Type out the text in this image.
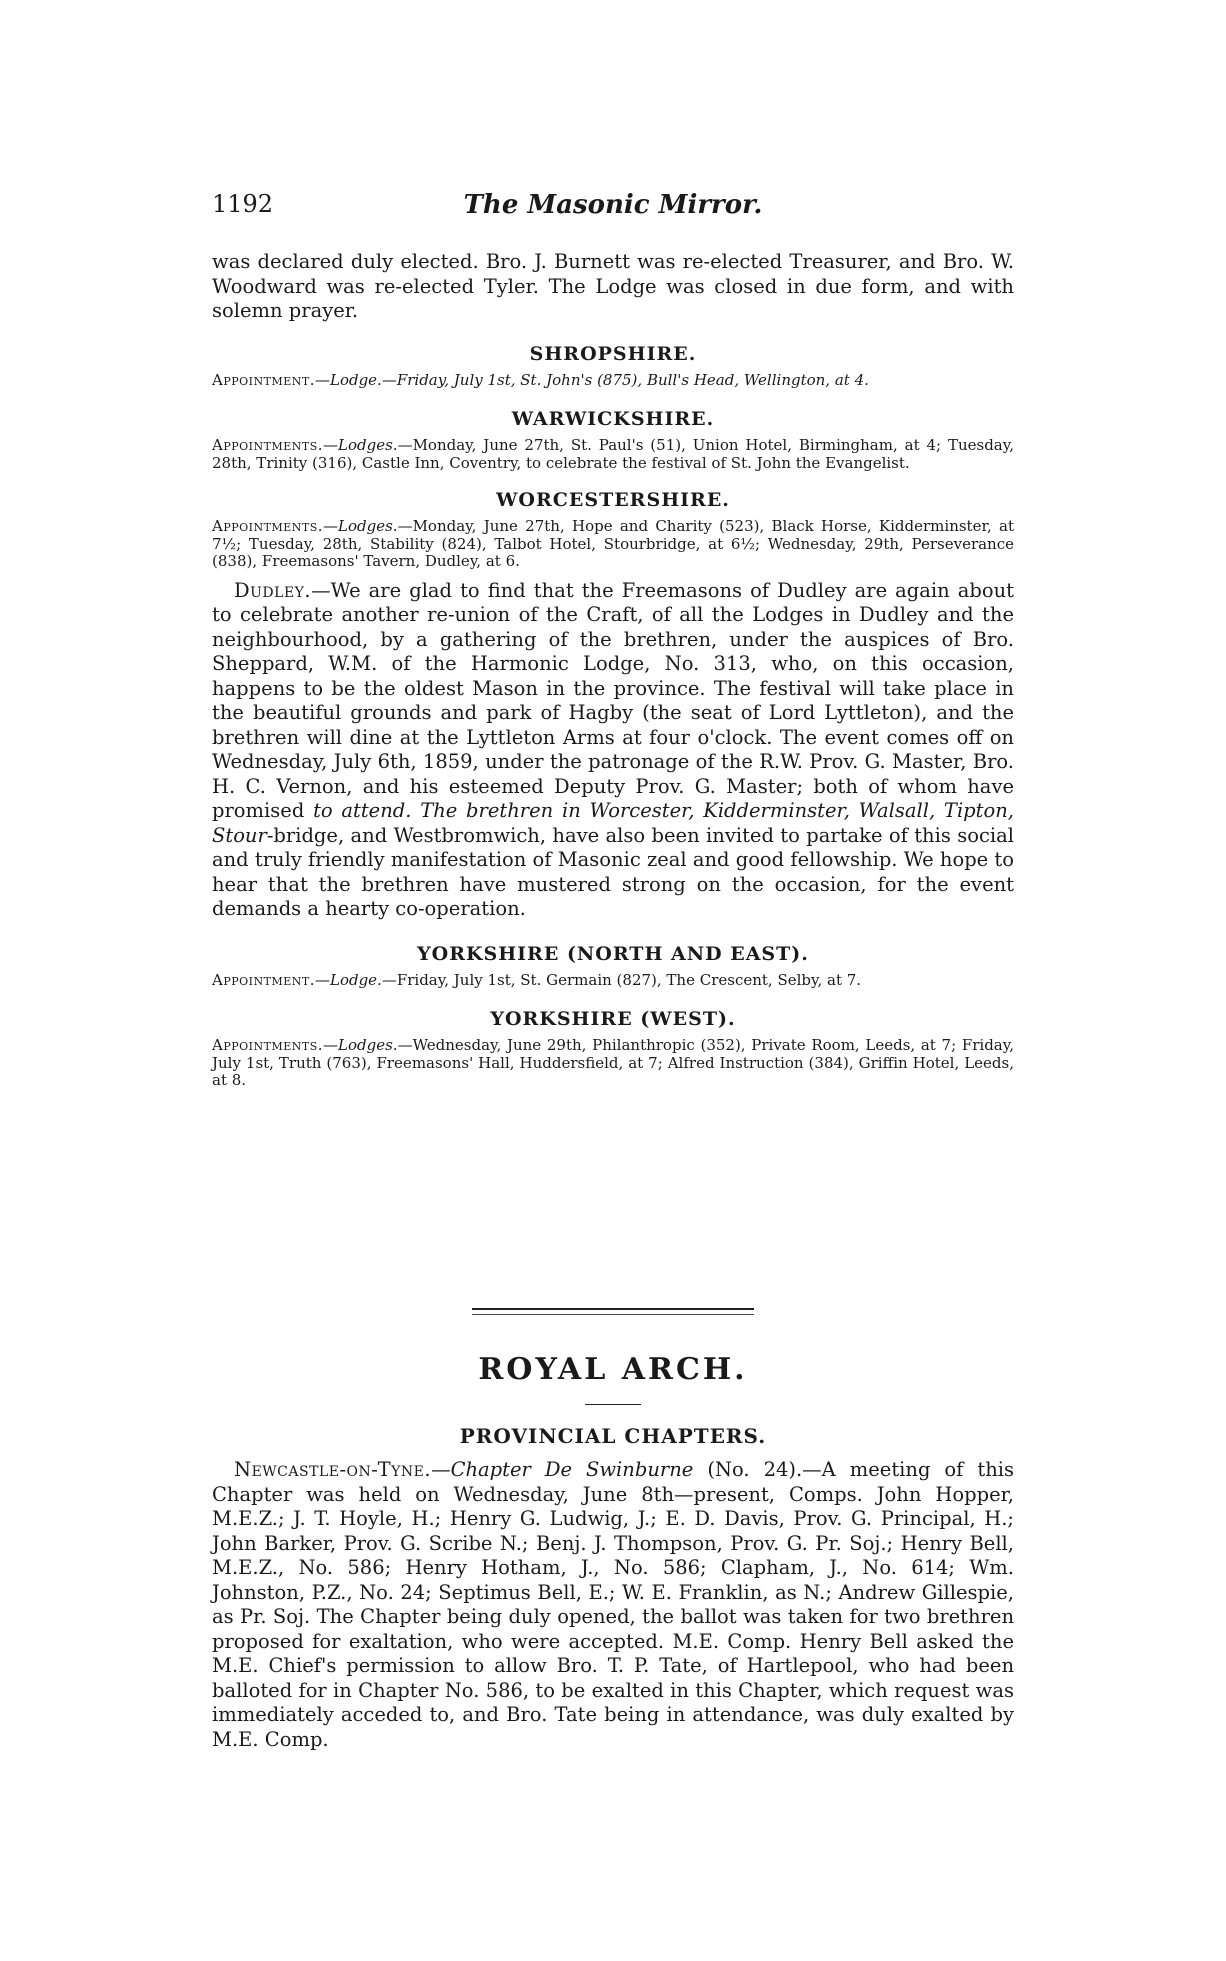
1192	The Masonic Mirror.

was declared duly elected. Bro. J. Burnett was re-elected Treasurer, and Bro. W. Woodward was re-elected Tyler. The Lodge was closed in due form, and with solemn prayer.

SHROPSHIRE.

Appointment.—Lodge.—Friday, July 1st, St. John's (875), Bull's Head, Wellington, at 4.

WARWICKSHIRE.

Appointments.—Lodges.—Monday, June 27th, St. Paul's (51), Union Hotel, Birmingham, at 4; Tuesday, 28th, Trinity (316), Castle Inn, Coventry, to celebrate the festival of St. John the Evangelist.

WORCESTERSHIRE.

Appointments.—Lodges.—Monday, June 27th, Hope and Charity (523), Black Horse, Kidderminster, at 7½; Tuesday, 28th, Stability (824), Talbot Hotel, Stourbridge, at 6½; Wednesday, 29th, Perseverance (838), Freemasons' Tavern, Dudley, at 6.

Dudley.—We are glad to find that the Freemasons of Dudley are again about to celebrate another re-union of the Craft, of all the Lodges in Dudley and the neighbourhood, by a gathering of the brethren, under the auspices of Bro. Sheppard, W.M. of the Harmonic Lodge, No. 313, who, on this occasion, happens to be the oldest Mason in the province. The festival will take place in the beautiful grounds and park of Hagby (the seat of Lord Lyttleton), and the brethren will dine at the Lyttleton Arms at four o'clock. The event comes off on Wednesday, July 6th, 1859, under the patronage of the R.W. Prov. G. Master, Bro. H. C. Vernon, and his esteemed Deputy Prov. G. Master; both of whom have promised to attend. The brethren in Worcester, Kidderminster, Walsall, Tipton, Stour-bridge, and Westbromwich, have also been invited to partake of this social and truly friendly manifestation of Masonic zeal and good fellowship. We hope to hear that the brethren have mustered strong on the occasion, for the event demands a hearty co-operation.

YORKSHIRE (NORTH AND EAST).

Appointment.—Lodge.—Friday, July 1st, St. Germain (827), The Crescent, Selby, at 7.

YORKSHIRE (WEST).

Appointments.—Lodges.—Wednesday, June 29th, Philanthropic (352), Private Room, Leeds, at 7; Friday, July 1st, Truth (763), Freemasons' Hall, Huddersfield, at 7; Alfred Instruction (384), Griffin Hotel, Leeds, at 8.

ROYAL ARCH.
PROVINCIAL CHAPTERS.

Newcastle-on-Tyne.—Chapter De Swinburne (No. 24).—A meeting of this Chapter was held on Wednesday, June 8th—present, Comps. John Hopper, M.E.Z.; J. T. Hoyle, H.; Henry G. Ludwig, J.; E. D. Davis, Prov. G. Principal, H.; John Barker, Prov. G. Scribe N.; Benj. J. Thompson, Prov. G. Pr. Soj.; Henry Bell, M.E.Z., No. 586; Henry Hotham, J., No. 586; Clapham, J., No. 614; Wm. Johnston, P.Z., No. 24; Septimus Bell, E.; W. E. Franklin, as N.; Andrew Gillespie, as Pr. Soj. The Chapter being duly opened, the ballot was taken for two brethren proposed for exaltation, who were accepted. M.E. Comp. Henry Bell asked the M.E. Chief's permission to allow Bro. T. P. Tate, of Hartlepool, who had been balloted for in Chapter No. 586, to be exalted in this Chapter, which request was immediately acceded to, and Bro. Tate being in attendance, was duly exalted by M.E. Comp.
